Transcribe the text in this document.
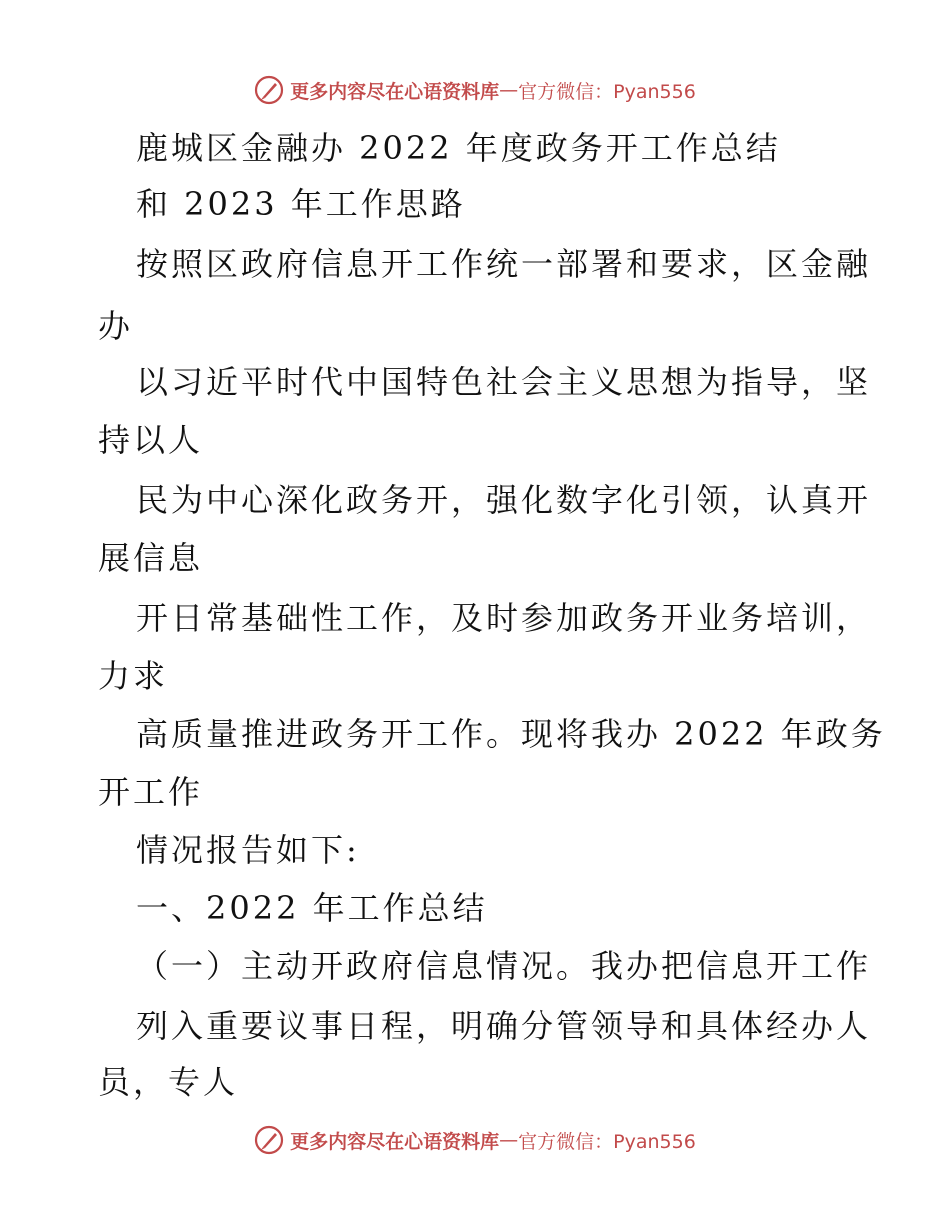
更多内容尽在心语资料库 — 官方微信：Pyan556
鹿城区金融办 2022 年度政务开工作总结
和 2023 年工作思路
按照区政府信息开工作统一部署和要求，区金融
办
以习近平时代中国特色社会主义思想为指导，坚
持以人
民为中心深化政务开，强化数字化引领，认真开
展信息
开日常基础性工作，及时参加政务开业务培训，
力求
高质量推进政务开工作。现将我办 2022 年政务
开工作
情况报告如下:
一、2022 年工作总结
（一）主动开政府信息情况。我办把信息开工作
列入重要议事日程，明确分管领导和具体经办人
员，专人
更多内容尽在心语资料库 — 官方微信：Pyan556
